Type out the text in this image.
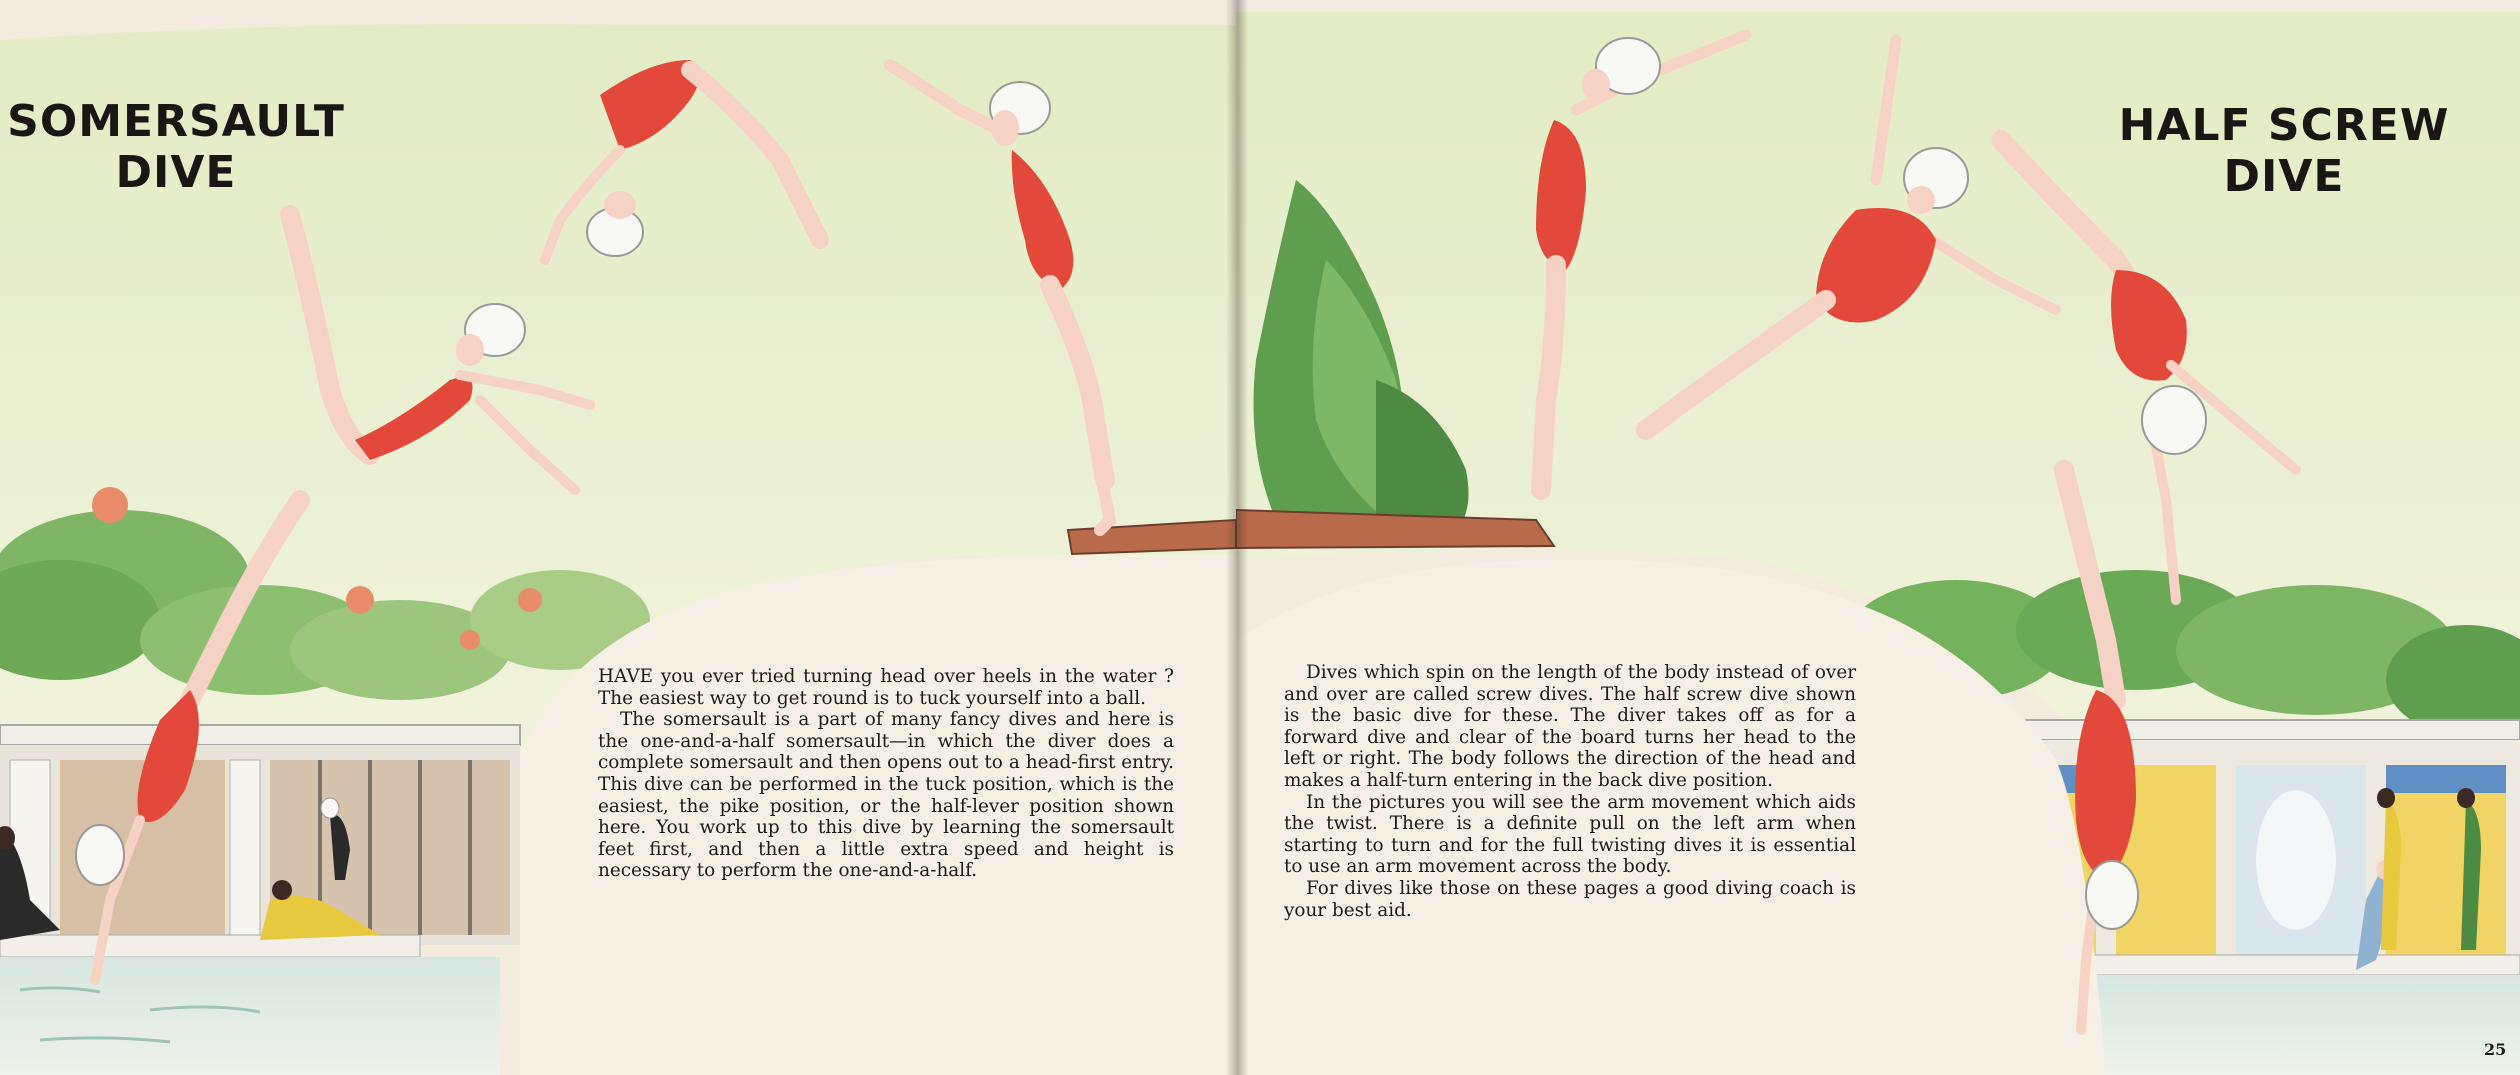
SOMERSAULT
DIVE

HAVE you ever tried turning head over heels in the water ? The easiest way to get round is to tuck yourself into a ball.

The somersault is a part of many fancy dives and here is the one-and-a-half somersault—in which the diver does a complete somersault and then opens out to a head-first entry. This dive can be performed in the tuck position, which is the easiest, the pike position, or the half-lever position shown here. You work up to this dive by learning the somersault feet first, and then a little extra speed and height is necessary to perform the one-and-a-half.

HALF SCREW
DIVE

Dives which spin on the length of the body instead of over and over are called screw dives. The half screw dive shown is the basic dive for these. The diver takes off as for a forward dive and clear of the board turns her head to the left or right. The body follows the direction of the head and makes a half-turn entering in the back dive position.

In the pictures you will see the arm movement which aids the twist. There is a definite pull on the left arm when starting to turn and for the full twisting dives it is essential to use an arm movement across the body.

For dives like those on these pages a good diving coach is your best aid.

25
